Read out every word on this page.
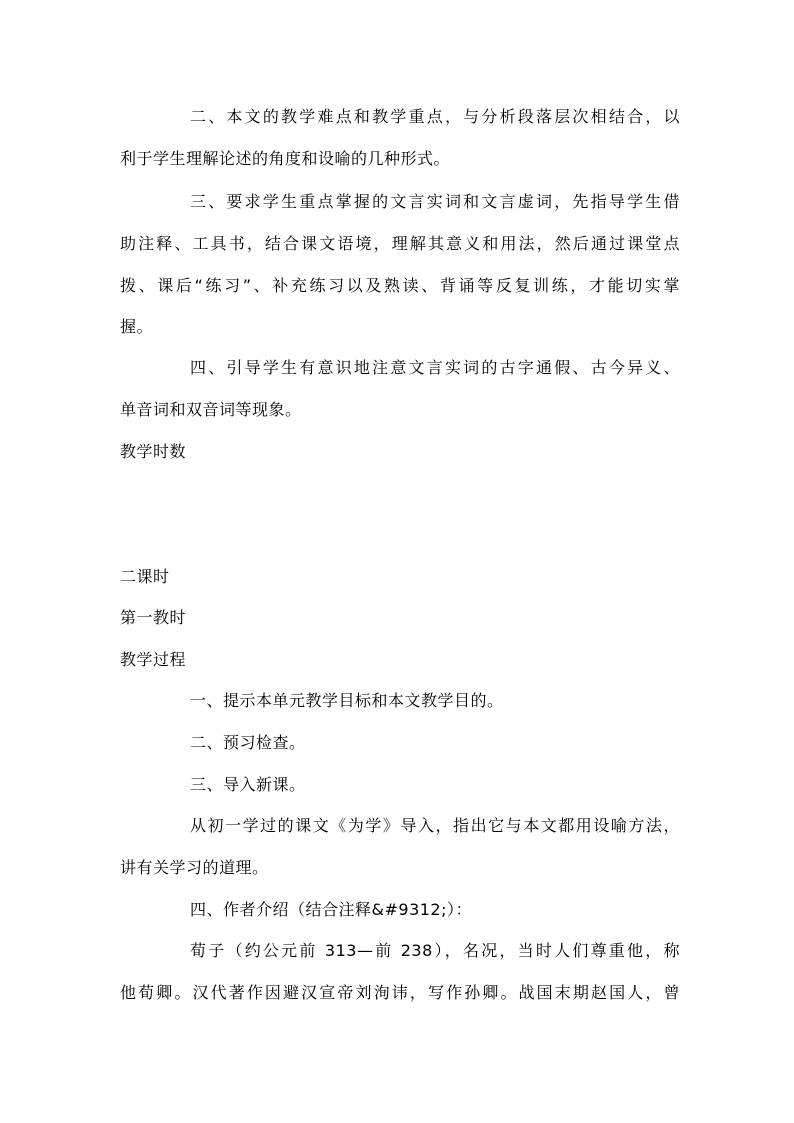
二、本文的教学难点和教学重点，与分析段落层次相结合，以
利于学生理解论述的角度和设喻的几种形式。
三、要求学生重点掌握的文言实词和文言虚词，先指导学生借
助注释、工具书，结合课文语境，理解其意义和用法，然后通过课堂点
拨、课后“练习”、补充练习以及熟读、背诵等反复训练，才能切实掌
握。
四、引导学生有意识地注意文言实词的古字通假、古今异义、
单音词和双音词等现象。
教学时数
二课时
第一教时
教学过程
一、提示本单元教学目标和本文教学目的。
二、预习检查。
三、导入新课。
从初一学过的课文《为学》导入，指出它与本文都用设喻方法，
讲有关学习的道理。
四、作者介绍（结合注释&#9312;）：
荀子（约公元前 313—前 238），名况，当时人们尊重他，称
他荀卿。汉代著作因避汉宣帝刘洵讳，写作孙卿。战国末期赵国人，曾
